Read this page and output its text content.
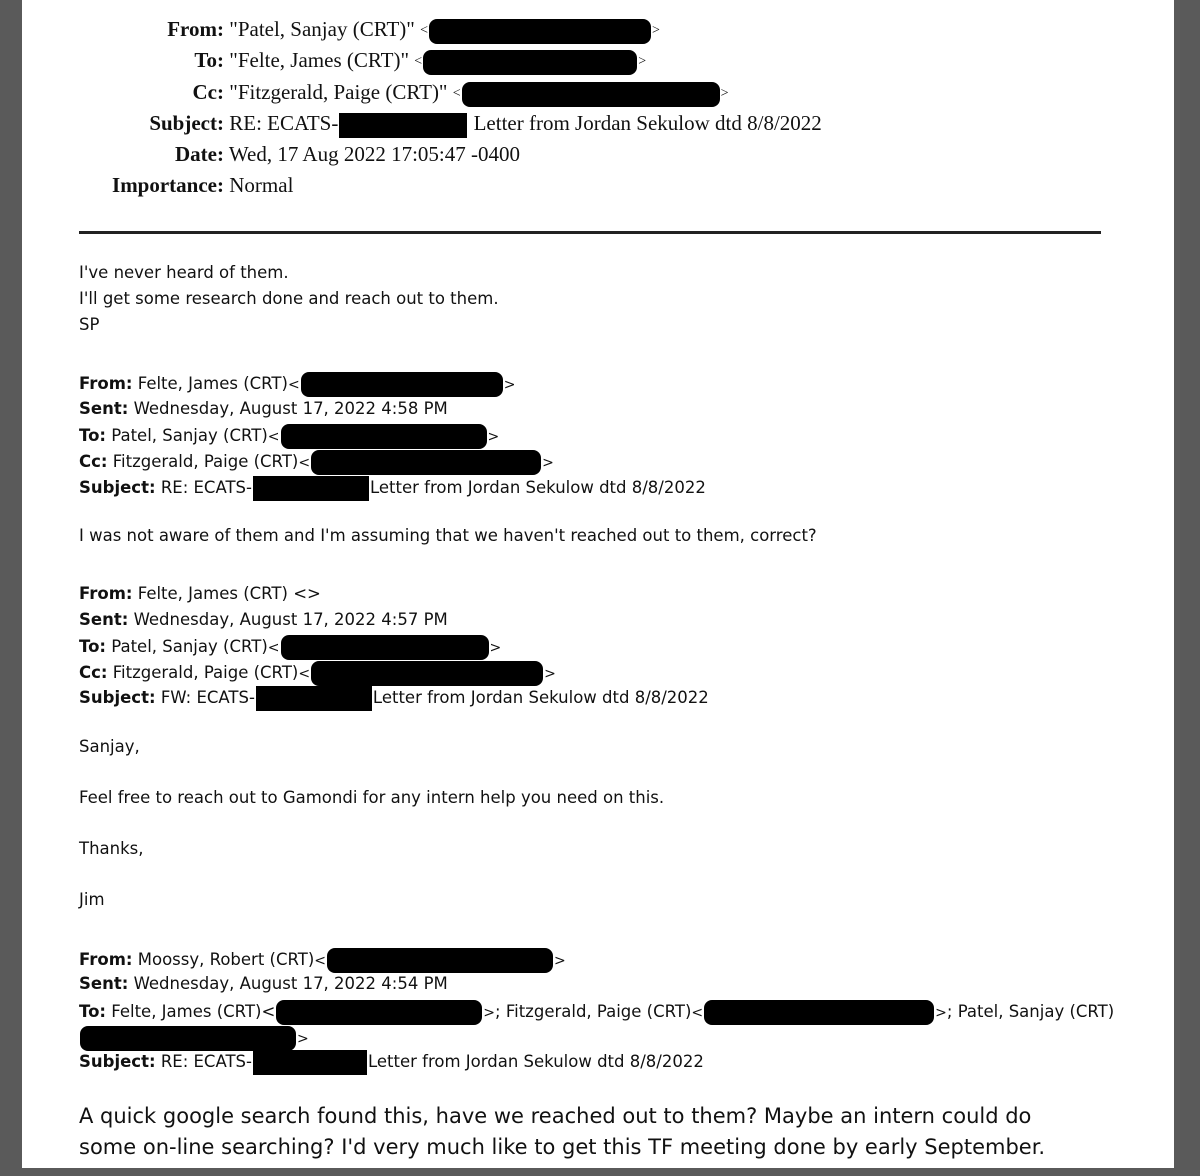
From: "Patel, Sanjay (CRT)" <	>
To: "Felte, James (CRT)" <	>
Cc: "Fitzgerald, Paige (CRT)" <	>
Subject: RE: ECATS-	Letter from Jordan Sekulow dtd 8/8/2022
Date: Wed, 17 Aug 2022 17:05:47 -0400
Importance: Normal
I've never heard of them.
I'll get some research done and reach out to them.
SP
From: Felte, James (CRT)<	>
Sent: Wednesday, August 17, 2022 4:58 PM
To: Patel, Sanjay (CRT)<	>
Cc: Fitzgerald, Paige (CRT)<	>
Subject: RE: ECATS-	Letter from Jordan Sekulow dtd 8/8/2022
I was not aware of them and I'm assuming that we haven't reached out to them, correct?
From: Felte, James (CRT) <>
Sent: Wednesday, August 17, 2022 4:57 PM
To: Patel, Sanjay (CRT)<	>
Cc: Fitzgerald, Paige (CRT)<	>
Subject: FW: ECATS-	Letter from Jordan Sekulow dtd 8/8/2022
Sanjay,
Feel free to reach out to Gamondi for any intern help you need on this.
Thanks,
Jim
From: Moossy, Robert (CRT)<	>
Sent: Wednesday, August 17, 2022 4:54 PM
To: Felte, James (CRT)<	>; Fitzgerald, Paige (CRT)<	>; Patel, Sanjay (CRT)
>
Subject: RE: ECATS-	Letter from Jordan Sekulow dtd 8/8/2022
A quick google search found this, have we reached out to them? Maybe an intern could do
some on-line searching? I'd very much like to get this TF meeting done by early September.
